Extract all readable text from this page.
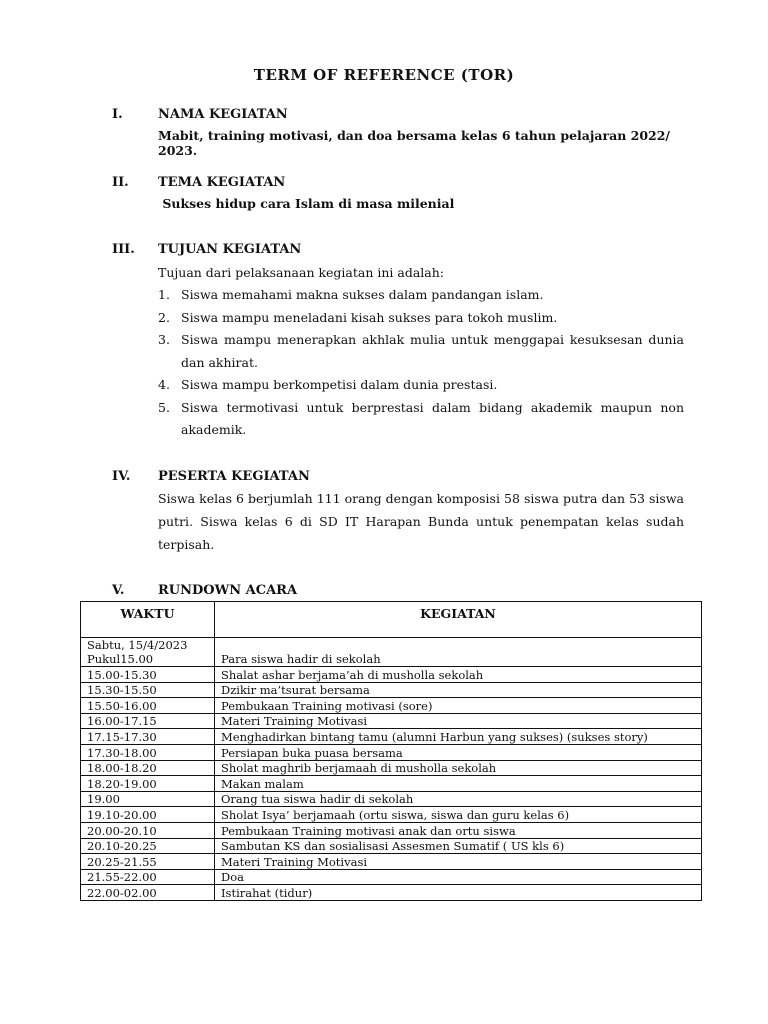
TERM OF REFERENCE (TOR)
I.	NAMA KEGIATAN
Mabit, training motivasi, dan doa bersama kelas 6 tahun pelajaran 2022/ 2023.
II.	TEMA KEGIATAN
Sukses hidup cara Islam di masa milenial
III.	TUJUAN KEGIATAN
Tujuan dari pelaksanaan kegiatan ini adalah:
1. Siswa memahami makna sukses dalam pandangan islam.
2. Siswa mampu meneladani kisah sukses para tokoh muslim.
3. Siswa mampu menerapkan akhlak mulia untuk menggapai kesuksesan dunia dan akhirat.
4. Siswa mampu berkompetisi dalam dunia prestasi.
5. Siswa termotivasi untuk berprestasi dalam bidang akademik maupun non akademik.
IV.	PESERTA KEGIATAN
Siswa kelas 6 berjumlah 111 orang dengan komposisi 58 siswa putra dan 53 siswa putri. Siswa kelas 6 di SD IT Harapan Bunda untuk penempatan kelas sudah terpisah.
V.	RUNDOWN ACARA
WAKTU	KEGIATAN

Sabtu, 15/4/2023
Pukul15.00	Para siswa hadir di sekolah
15.00-15.30	Shalat ashar berjama’ah di musholla sekolah
15.30-15.50	Dzikir ma’tsurat bersama
15.50-16.00	Pembukaan Training motivasi (sore)
16.00-17.15	Materi Training Motivasi
17.15-17.30	Menghadirkan bintang tamu (alumni Harbun yang sukses) (sukses story)
17.30-18.00	Persiapan buka puasa bersama
18.00-18.20	Sholat maghrib berjamaah di musholla sekolah
18.20-19.00	Makan malam
19.00	Orang tua siswa hadir di sekolah
19.10-20.00	Sholat Isya’ berjamaah (ortu siswa, siswa dan guru kelas 6)
20.00-20.10	Pembukaan Training motivasi anak dan ortu siswa
20.10-20.25	Sambutan KS dan sosialisasi Assesmen Sumatif ( US kls 6)
20.25-21.55	Materi Training Motivasi
21.55-22.00	Doa
22.00-02.00	Istirahat (tidur)
